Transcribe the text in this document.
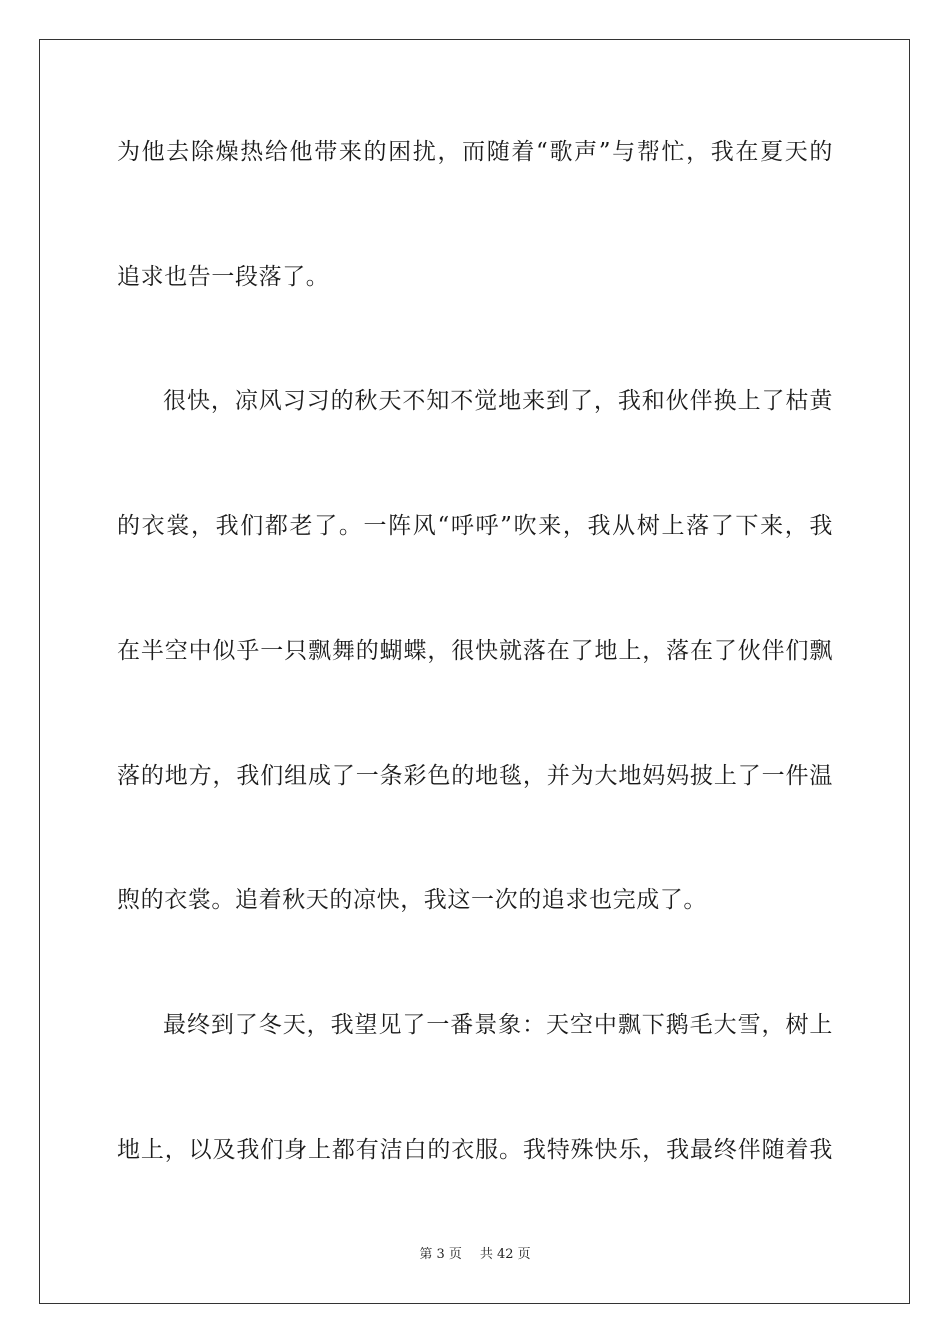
为他去除燥热给他带来的困扰，而随着“歌声”与帮忙，我在夏天的
追求也告一段落了。
很快，凉风习习的秋天不知不觉地来到了，我和伙伴换上了枯黄
的衣裳，我们都老了。一阵风“呼呼”吹来，我从树上落了下来，我
在半空中似乎一只飘舞的蝴蝶，很快就落在了地上，落在了伙伴们飘
落的地方，我们组成了一条彩色的地毯，并为大地妈妈披上了一件温
煦的衣裳。追着秋天的凉快，我这一次的追求也完成了。
最终到了冬天，我望见了一番景象：天空中飘下鹅毛大雪，树上
地上，以及我们身上都有洁白的衣服。我特殊快乐，我最终伴随着我
第 3 页 共 42 页
